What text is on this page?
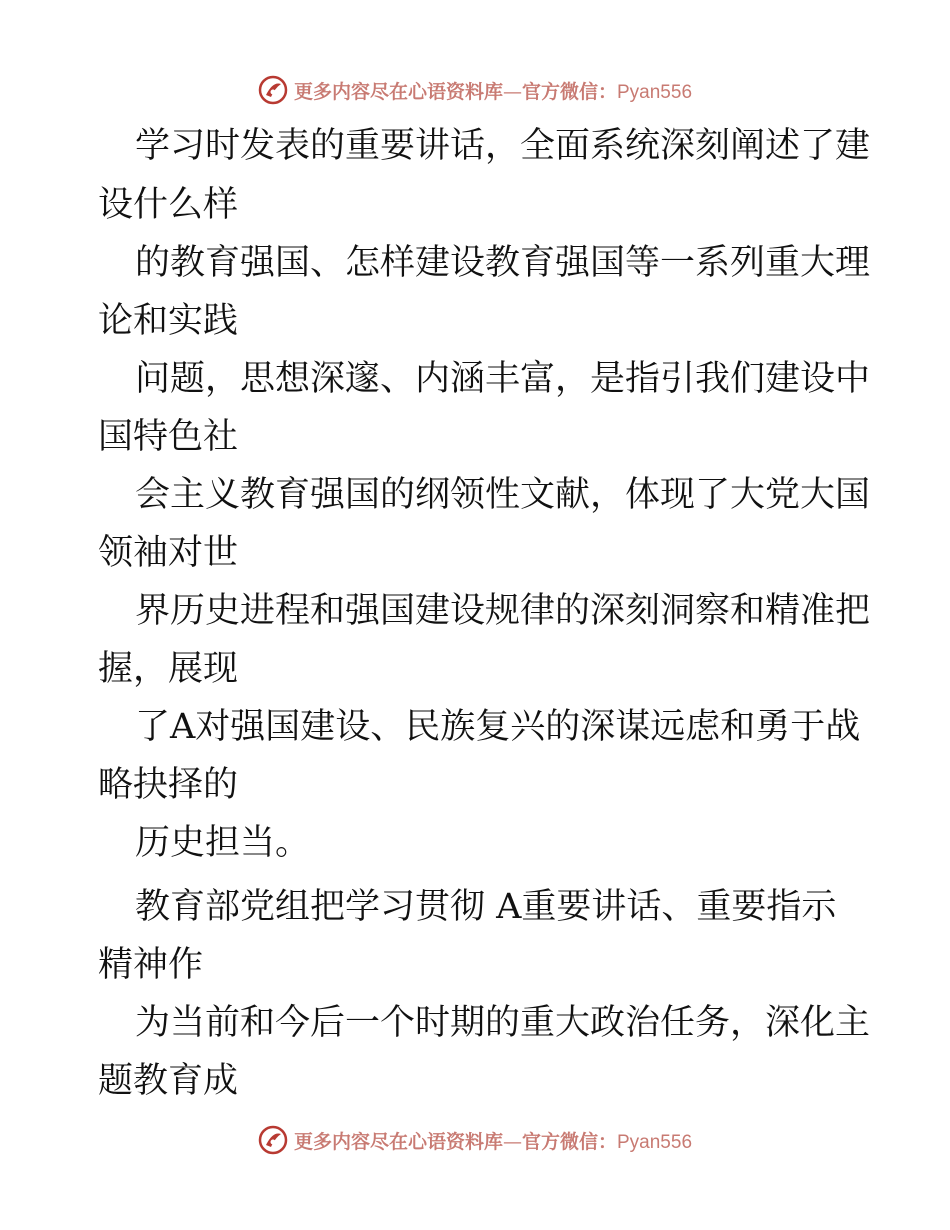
更多内容尽在心语资料库—官方微信：Pyan556
学习时发表的重要讲话，全面系统深刻阐述了建
设什么样
的教育强国、怎样建设教育强国等一系列重大理
论和实践
问题，思想深邃、内涵丰富，是指引我们建设中
国特色社
会主义教育强国的纲领性文献，体现了大党大国
领袖对世
界历史进程和强国建设规律的深刻洞察和精准把
握，展现
了A对强国建设、民族复兴的深谋远虑和勇于战
略抉择的
历史担当。
教育部党组把学习贯彻 A重要讲话、重要指示
精神作
为当前和今后一个时期的重大政治任务，深化主
题教育成
更多内容尽在心语资料库—官方微信：Pyan556
